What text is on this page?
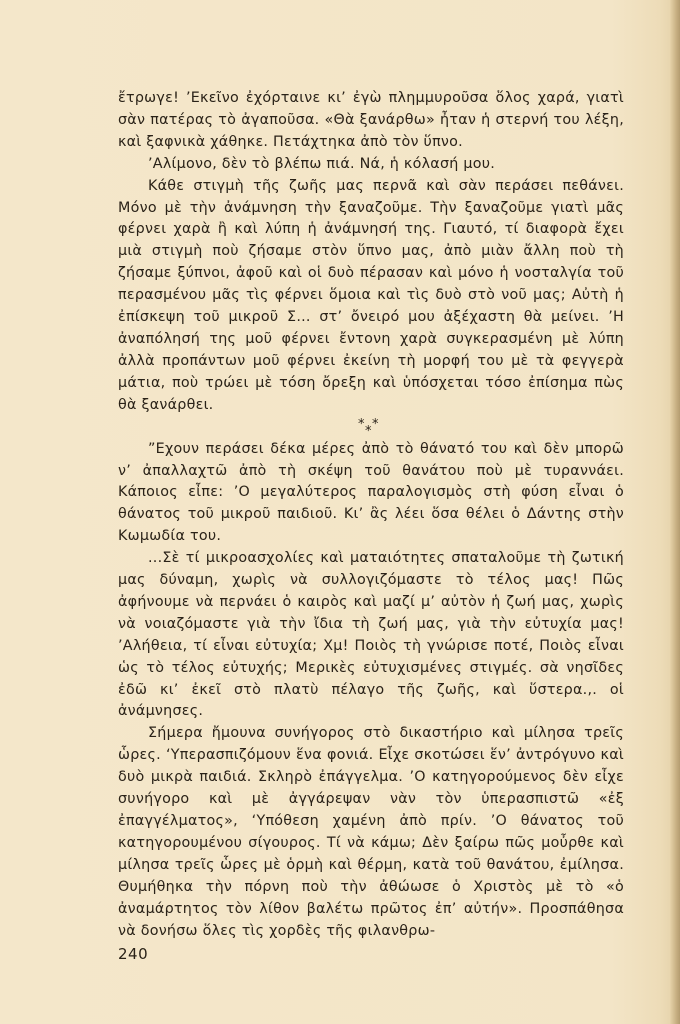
ἔτρωγε! ’Εκεῖνο ἐχόρταινε κι’ ἐγὼ πλημμυροῦσα ὅλος χαρά, γιατὶ σὰν πατέρας τὸ ἀγαποῦσα. «Θὰ ξανάρθω» ἦταν ἡ στερνή του λέξη, καὶ ξαφνικὰ χάθηκε. Πετάχτηκα ἀπὸ τὸν ὕπνο.

’Αλίμονο, δὲν τὸ βλέπω πιά. Νά, ἡ κόλασή μου.

Κάθε στιγμὴ τῆς ζωῆς μας περνᾶ καὶ σὰν περάσει πεθάνει. Μόνο μὲ τὴν ἀνάμνηση τὴν ξαναζοῦμε. Τὴν ξαναζοῦμε γιατὶ μᾶς φέρνει χαρὰ ἢ καὶ λύπη ἡ ἀνάμνησή της. Γιαυτό, τί διαφορὰ ἔχει μιὰ στιγμὴ ποὺ ζήσαμε στὸν ὕπνο μας, ἀπὸ μιὰν ἄλλη ποὺ τὴ ζήσαμε ξύπνοι, ἀφοῦ καὶ οἱ δυὸ πέρασαν καὶ μόνο ἡ νοσταλγία τοῦ περασμένου μᾶς τὶς φέρνει ὅμοια καὶ τὶς δυὸ στὸ νοῦ μας; Αὐτὴ ἡ ἐπίσκεψη τοῦ μικροῦ Σ... στ’ ὄνειρό μου ἀξέχαστη θὰ μείνει. ’Η ἀναπόλησή της μοῦ φέρνει ἔντονη χαρὰ συγκερασμένη μὲ λύπη ἀλλὰ προπάντων μοῦ φέρνει ἐκείνη τὴ μορφή του μὲ τὰ φεγγερὰ μάτια, ποὺ τρώει μὲ τόση ὄρεξη καὶ ὑπόσχεται τόσο ἐπίσημα πὼς θὰ ξανάρθει.

* *
*

”Εχουν περάσει δέκα μέρες ἀπὸ τὸ θάνατό του καὶ δὲν μπορῶ ν’ ἀπαλλαχτῶ ἀπὸ τὴ σκέψη τοῦ θανάτου ποὺ μὲ τυραννάει. Κάποιος εἶπε: ’Ο μεγαλύτερος παραλογισμὸς στὴ φύση εἶναι ὁ θάνατος τοῦ μικροῦ παιδιοῦ. Κι’ ἂς λέει ὅσα θέλει ὁ Δάντης στὴν Κωμωδία του.

...Σὲ τί μικροασχολίες καὶ ματαιότητες σπαταλοῦμε τὴ ζωτική μας δύναμη, χωρὶς νὰ συλλογιζόμαστε τὸ τέλος μας! Πῶς ἀφήνουμε νὰ περνάει ὁ καιρὸς καὶ μαζί μ’ αὐτὸν ἡ ζωή μας, χωρὶς νὰ νοιαζόμαστε γιὰ τὴν ἴδια τὴ ζωή μας, γιὰ τὴν εὐτυχία μας! ’Αλήθεια, τί εἶναι εὐτυχία; Χμ! Ποιὸς τὴ γνώρισε ποτέ, Ποιὸς εἶναι ὡς τὸ τέλος εὐτυχής; Μερικὲς εὐτυχισμένες στιγμές. σὰ νησῖδες ἐδῶ κι’ ἐκεῖ στὸ πλατὺ πέλαγο τῆς ζωῆς, καὶ ὕστερα.,. οἱ ἀνάμνησες.

Σήμερα ἤμουνα συνήγορος στὸ δικαστήριο καὶ μίλησα τρεῖς ὧρες. ‘Υπερασπιζόμουν ἕνα φονιά. Εἶχε σκοτώσει ἕν’ ἀντρόγυνο καὶ δυὸ μικρὰ παιδιά. Σκληρὸ ἐπάγγελμα. ’Ο κατηγορούμενος δὲν εἶχε συνήγορο καὶ μὲ ἀγγάρεψαν νὰν τὸν ὑπερασπιστῶ «ἐξ ἐπαγγέλματος», ‘Υπόθεση χαμένη ἀπὸ πρίν. ’Ο θάνατος τοῦ κατηγορουμένου σίγουρος. Τί νὰ κάμω; Δὲν ξαίρω πῶς μοὖρθε καὶ μίλησα τρεῖς ὧρες μὲ ὁρμὴ καὶ θέρμη, κατὰ τοῦ θανάτου, ἐμίλησα. Θυμήθηκα τὴν πόρνη ποὺ τὴν ἀθώωσε ὁ Χριστὸς μὲ τὸ «ὁ ἀναμάρτητος τὸν λίθον βαλέτω πρῶτος ἐπ’ αὐτήν». Προσπάθησα νὰ δονήσω ὅλες τὶς χορδὲς τῆς φιλανθρω-

240
